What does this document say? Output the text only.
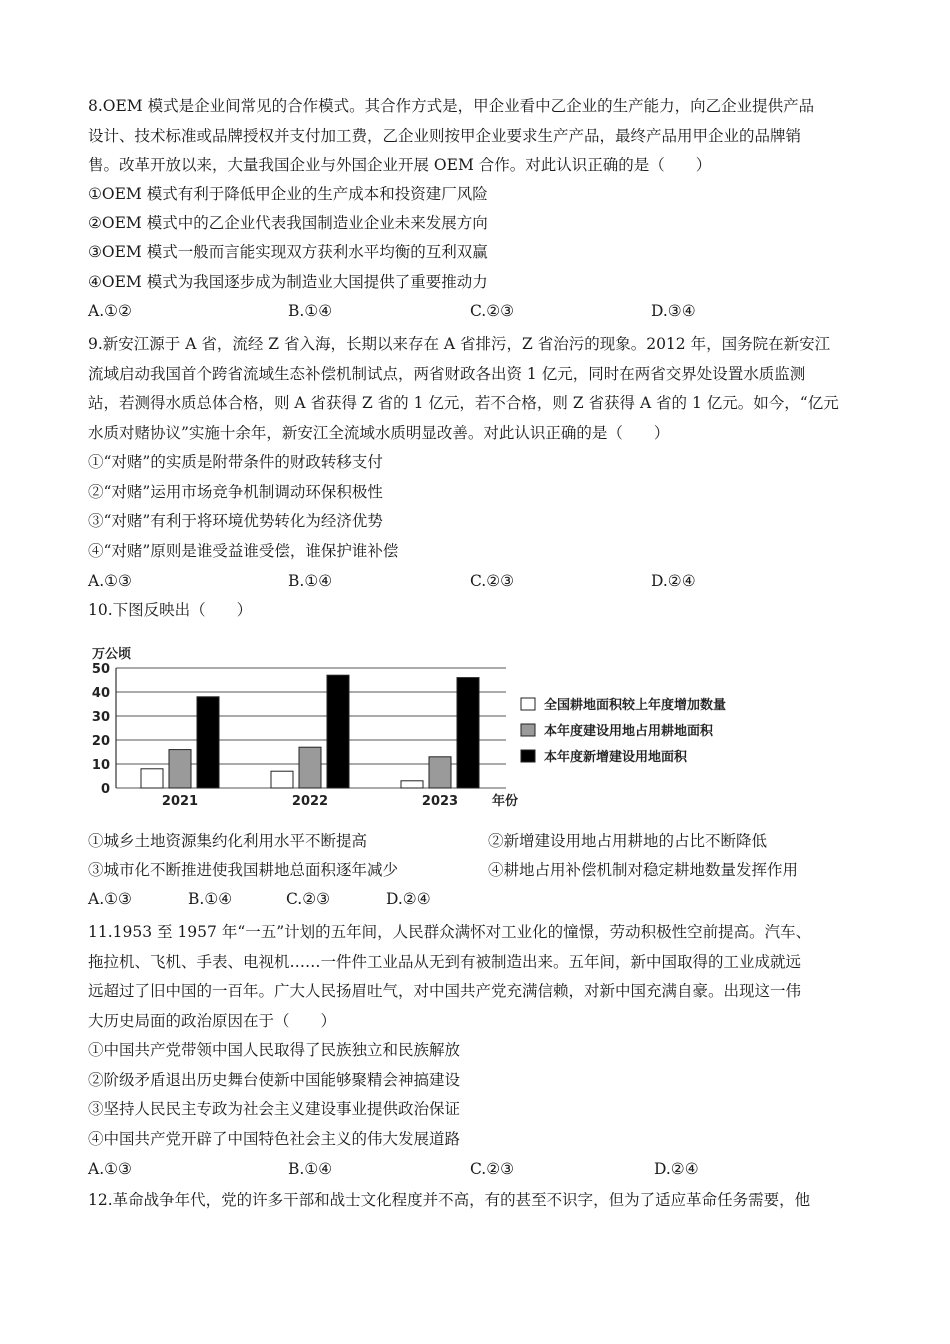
8.OEM 模式是企业间常见的合作模式。其合作方式是，甲企业看中乙企业的生产能力，向乙企业提供产品
设计、技术标准或品牌授权并支付加工费，乙企业则按甲企业要求生产产品，最终产品用甲企业的品牌销
售。改革开放以来，大量我国企业与外国企业开展 OEM 合作。对此认识正确的是（　　）
①OEM 模式有利于降低甲企业的生产成本和投资建厂风险
②OEM 模式中的乙企业代表我国制造业企业未来发展方向
③OEM 模式一般而言能实现双方获利水平均衡的互利双赢
④OEM 模式为我国逐步成为制造业大国提供了重要推动力
A.①②	B.①④	C.②③	D.③④
9.新安江源于 A 省，流经 Z 省入海，长期以来存在 A 省排污，Z 省治污的现象。2012 年，国务院在新安江
流域启动我国首个跨省流域生态补偿机制试点，两省财政各出资 1 亿元，同时在两省交界处设置水质监测
站，若测得水质总体合格，则 A 省获得 Z 省的 1 亿元，若不合格，则 Z 省获得 A 省的 1 亿元。如今，“亿元
水质对赌协议”实施十余年，新安江全流域水质明显改善。对此认识正确的是（　　）
①“对赌”的实质是附带条件的财政转移支付
②“对赌”运用市场竞争机制调动环保积极性
③“对赌”有利于将环境优势转化为经济优势
④“对赌”原则是谁受益谁受偿，谁保护谁补偿
A.①③	B.①④	C.②③	D.②④
10.下图反映出（　　）
0
10
20
30
40
50
万公顷
2021	2022	2023	年份
全国耕地面积较上年度增加数量
本年度建设用地占用耕地面积
本年度新增建设用地面积
①城乡土地资源集约化利用水平不断提高	②新增建设用地占用耕地的占比不断降低
③城市化不断推进使我国耕地总面积逐年减少	④耕地占用补偿机制对稳定耕地数量发挥作用
A.①③	B.①④	C.②③	D.②④
11.1953 至 1957 年“一五”计划的五年间，人民群众满怀对工业化的憧憬，劳动积极性空前提高。汽车、
拖拉机、飞机、手表、电视机……一件件工业品从无到有被制造出来。五年间，新中国取得的工业成就远
远超过了旧中国的一百年。广大人民扬眉吐气，对中国共产党充满信赖，对新中国充满自豪。出现这一伟
大历史局面的政治原因在于（　　）
①中国共产党带领中国人民取得了民族独立和民族解放
②阶级矛盾退出历史舞台使新中国能够聚精会神搞建设
③坚持人民民主专政为社会主义建设事业提供政治保证
④中国共产党开辟了中国特色社会主义的伟大发展道路
A.①③	B.①④	C.②③	D.②④
12.革命战争年代，党的许多干部和战士文化程度并不高，有的甚至不识字，但为了适应革命任务需要，他
